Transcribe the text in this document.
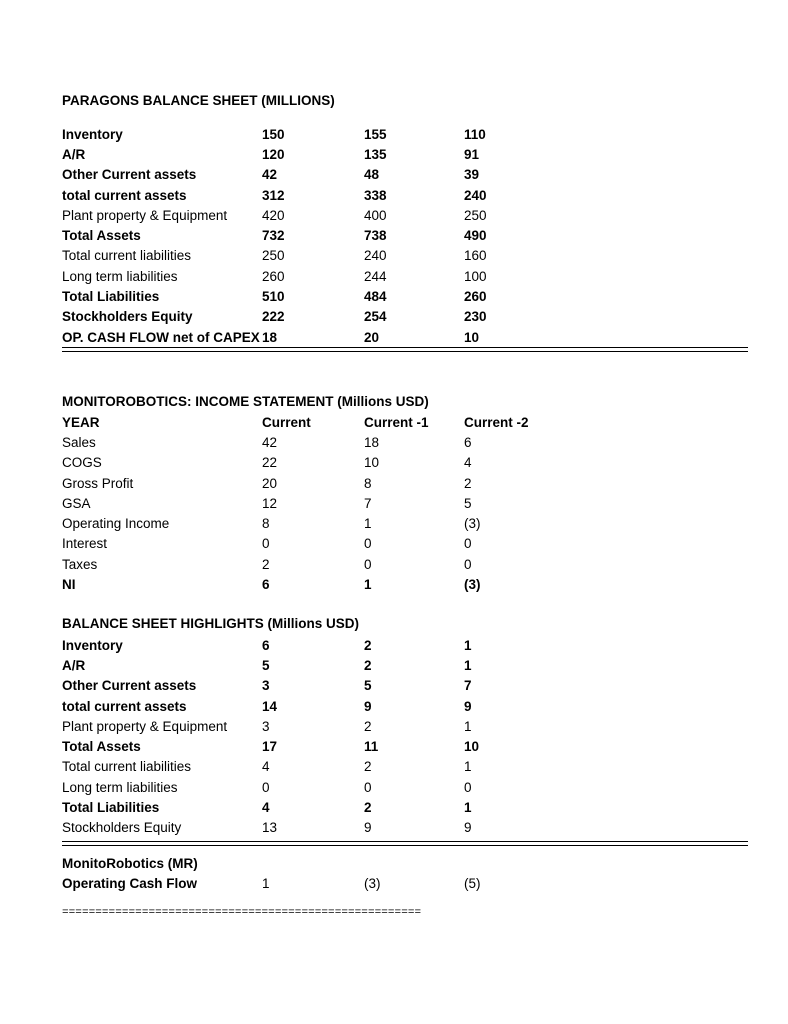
PARAGONS BALANCE SHEET (MILLIONS)
Inventory	150	155	110
A/R	120	135	91
Other Current assets	42	48	39
total current assets	312	338	240
Plant property & Equipment	420	400	250
Total Assets	732	738	490
Total current liabilities	250	240	160
Long term liabilities	260	244	100
Total Liabilities	510	484	260
Stockholders Equity	222	254	230
OP. CASH FLOW net of CAPEX	18	20	10
MONITOROBOTICS: INCOME STATEMENT (Millions USD)
YEAR	Current	Current -1	Current -2
Sales	42	18	6
COGS	22	10	4
Gross Profit	20	8	2
GSA	12	7	5
Operating Income	8	1	(3)
Interest	0	0	0
Taxes	2	0	0
NI	6	1	(3)
BALANCE SHEET HIGHLIGHTS (Millions USD)
Inventory	6	2	1
A/R	5	2	1
Other Current assets	3	5	7
total current assets	14	9	9
Plant property & Equipment	3	2	1
Total Assets	17	11	10
Total current liabilities	4	2	1
Long term liabilities	0	0	0
Total Liabilities	4	2	1
Stockholders Equity	13	9	9
MonitoRobotics (MR)			
Operating Cash Flow	1	(3)	(5)
======================================================
